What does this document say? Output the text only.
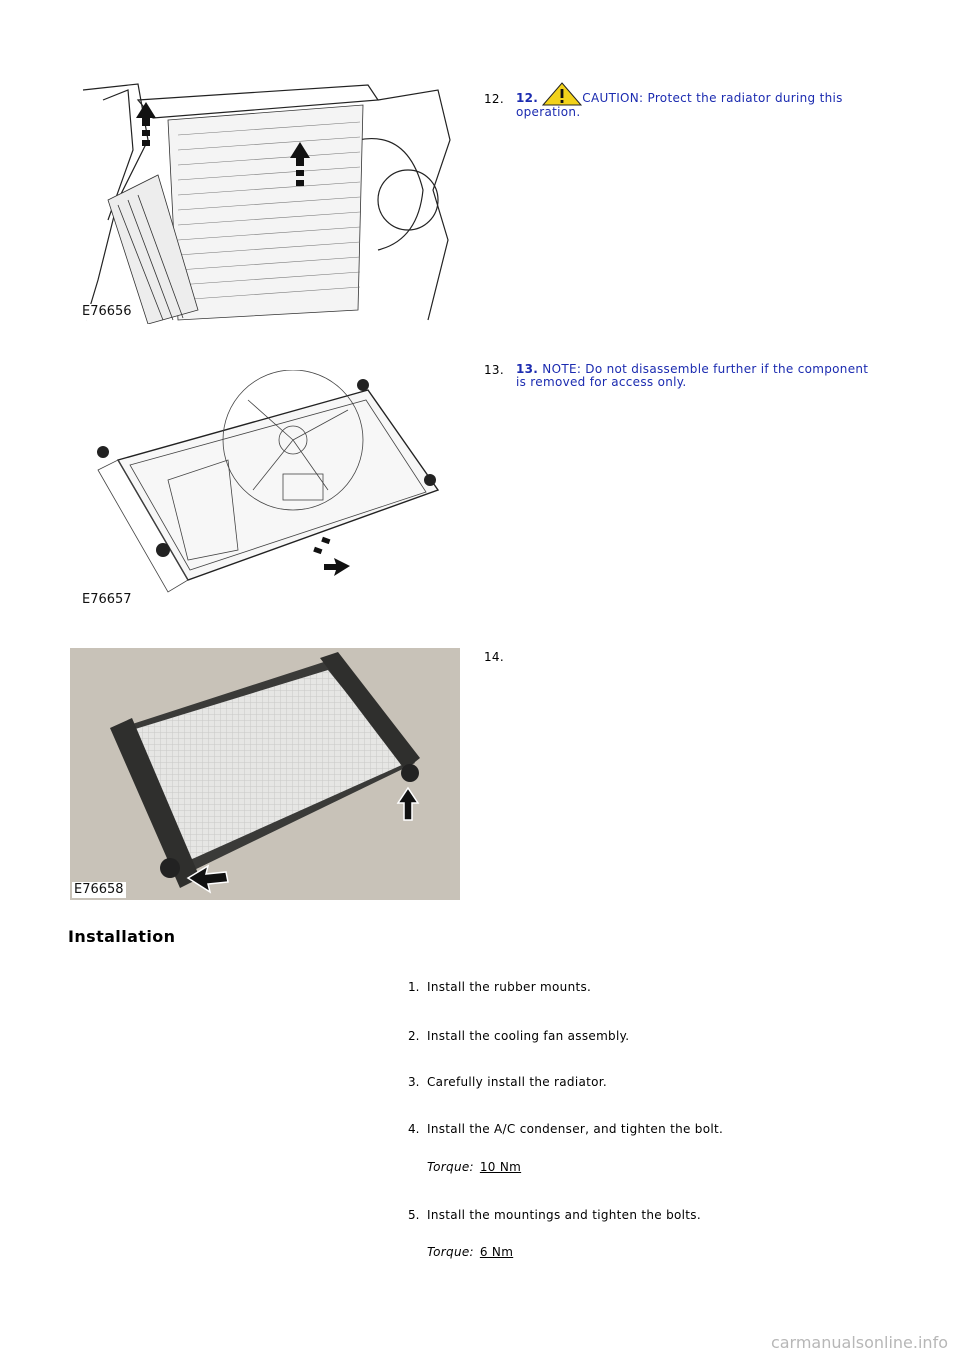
E76656
12. 12.	CAUTION: Protect the radiator during this
operation.
E76657
13. 13. NOTE: Do not disassemble further if the component
is removed for access only.
E76658
14.
Installation
1. Install the rubber mounts.
2. Install the cooling fan assembly.
3. Carefully install the radiator.
4. Install the A/C condenser, and tighten the bolt.
Torque: 10 Nm
5. Install the mountings and tighten the bolts.
Torque: 6 Nm
carmanualsonline.info
